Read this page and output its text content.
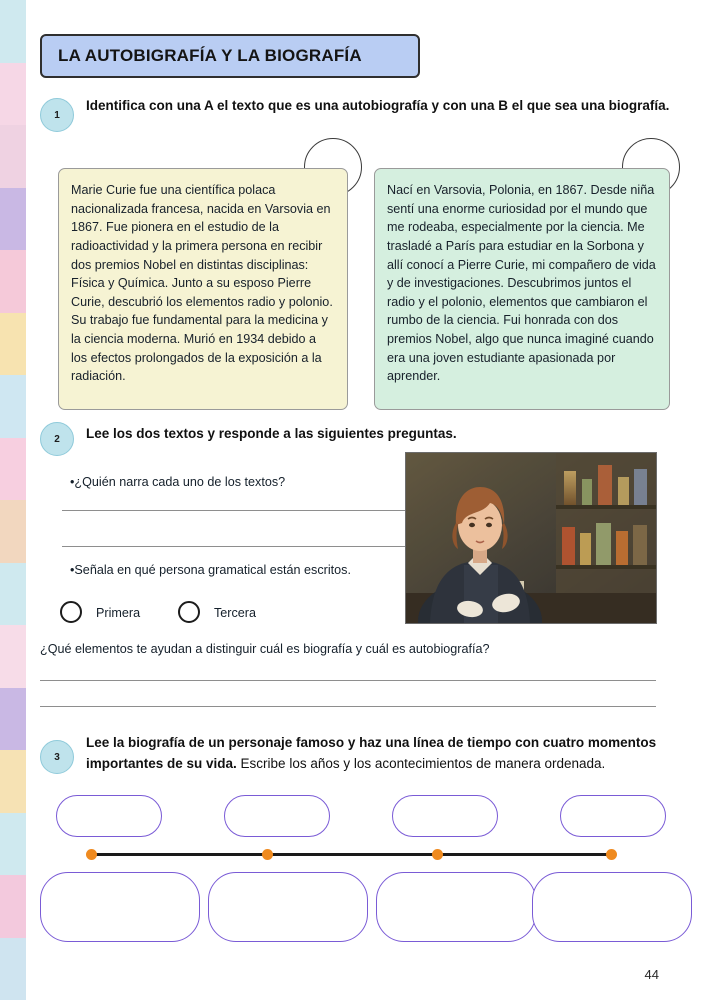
LA AUTOBIGRAFÍA Y LA BIOGRAFÍA
1
Identifica con una A el texto que es una autobiografía y con una B el que sea una biografía.
Marie Curie fue una científica polaca nacionalizada francesa, nacida en Varsovia en 1867. Fue pionera en el estudio de la radioactividad y la primera persona en recibir dos premios Nobel en distintas disciplinas: Física y Química. Junto a su esposo Pierre Curie, descubrió los elementos radio y polonio. Su trabajo fue fundamental para la medicina y la ciencia moderna. Murió en 1934 debido a los efectos prolongados de la exposición a la radiación.
Nací en Varsovia, Polonia, en 1867. Desde niña sentí una enorme curiosidad por el mundo que me rodeaba, especialmente por la ciencia. Me trasladé a París para estudiar en la Sorbona y allí conocí a Pierre Curie, mi compañero de vida y de investigaciones. Descubrimos juntos el radio y el polonio, elementos que cambiaron el rumbo de la ciencia. Fui honrada con dos premios Nobel, algo que nunca imaginé cuando era una joven estudiante apasionada por aprender.
2	Lee los dos textos y responde a las siguientes preguntas.
•¿Quién narra cada uno de los textos?
•Señala en qué persona gramatical están escritos.
Primera	Tercera
¿Qué elementos te ayudan a distinguir cuál es biografía y cuál es autobiografía?
3
Lee la biografía de un personaje famoso y haz una línea de tiempo con cuatro momentos importantes de su vida. Escribe los años y los acontecimientos de manera ordenada.
44
